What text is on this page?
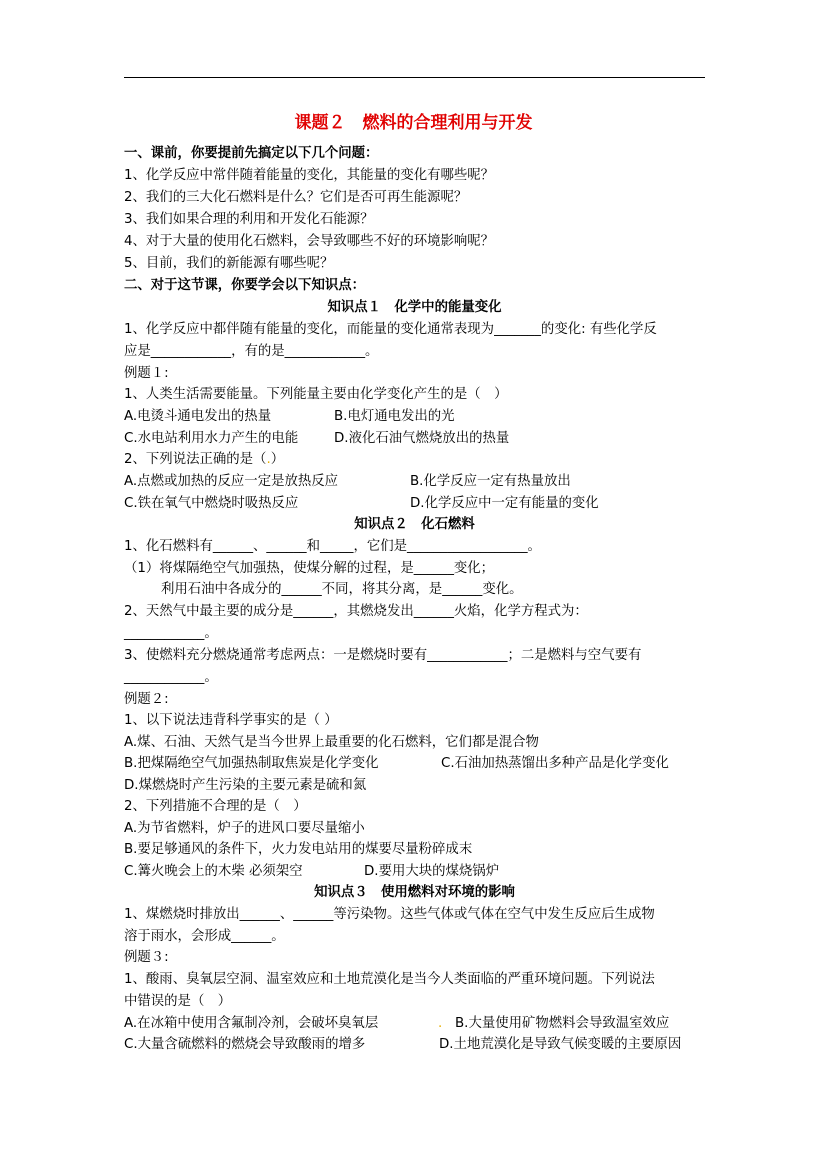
课题２　燃料的合理利用与开发
一、课前，你要提前先搞定以下几个问题：
1、化学反应中常伴随着能量的变化，其能量的变化有哪些呢？
2、我们的三大化石燃料是什么？它们是否可再生能源呢？
3、我们如果合理的利用和开发化石能源？
4、对于大量的使用化石燃料，会导致哪些不好的环境影响呢？
5、目前，我们的新能源有哪些呢？
二、对于这节课，你要学会以下知识点：
知识点１　化学中的能量变化
1、化学反应中都伴随有能量的变化，而能量的变化通常表现为_______的变化: 有些化学反
应是____________，有的是____________。
例题１:
1、人类生活需要能量。下列能量主要由化学变化产生的是（　）
A.电烫斗通电发出的热量	B.电灯通电发出的光
C.水电站利用水力产生的电能	D.液化石油气燃烧放出的热量
2、下列说法正确的是（.）
A.点燃或加热的反应一定是放热反应	B.化学反应一定有热量放出
C.铁在氧气中燃烧时吸热反应	D.化学反应中一定有能量的变化
知识点２　化石燃料
1、化石燃料有______、______和_____，它们是__________________。
（1）将煤隔绝空气加强热，使煤分解的过程，是______变化；
利用石油中各成分的______不同，将其分离，是______变化。
2、天然气中最主要的成分是______，其燃烧发出______火焰，化学方程式为：
____________。
3、使燃料充分燃烧通常考虑两点：一是燃烧时要有____________；二是燃料与空气要有
____________。
例题２:
1、以下说法违背科学事实的是（ ）
A.煤、石油、天然气是当今世界上最重要的化石燃料，它们都是混合物
B.把煤隔绝空气加强热制取焦炭是化学变化	C.石油加热蒸馏出多种产品是化学变化
D.煤燃烧时产生污染的主要元素是硫和氮
2、下列措施不合理的是（　）
A.为节省燃料，炉子的进风口要尽量缩小
B.要足够通风的条件下，火力发电站用的煤要尽量粉碎成末
C.篝火晚会上的木柴 必须架空	D.要用大块的煤烧锅炉
知识点３　使用燃料对环境的影响
1、煤燃烧时排放出______、______等污染物。这些气体或气体在空气中发生反应后生成物
溶于雨水，会形成______。
例题３:
1、酸雨、臭氧层空洞、温室效应和土地荒漠化是当今人类面临的严重环境问题。下列说法
中错误的是（　）
A.在冰箱中使用含氟制冷剂，会破坏臭氧层	. B.大量使用矿物燃料会导致温室效应
C.大量含硫燃料的燃烧会导致酸雨的增多	D.土地荒漠化是导致气候变暖的主要原因
